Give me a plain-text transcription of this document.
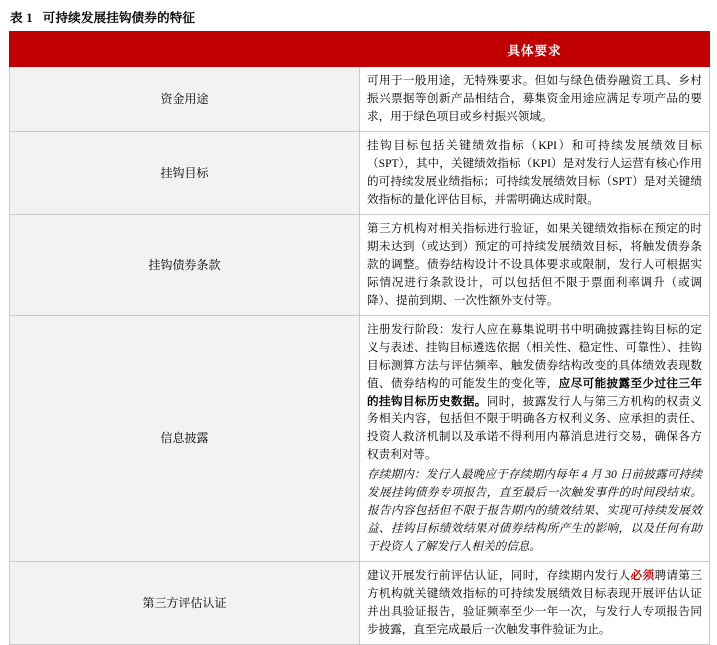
表 1 可持续发展挂钩债券的特征
	具体要求
资金用途	可用于一般用途，无特殊要求。但如与绿色债券融资工具、乡村振兴票据等创新产品相结合，募集资金用途应满足专项产品的要求，用于绿色项目或乡村振兴领域。

挂钩目标	挂钩目标包括关键绩效指标（KPI）和可持续发展绩效目标（SPT），其中，关键绩效指标（KPI）是对发行人运营有核心作用的可持续发展业绩指标；可持续发展绩效目标（SPT）是对关键绩效指标的量化评估目标，并需明确达成时限。

挂钩债券条款	第三方机构对相关指标进行验证，如果关键绩效指标在预定的时期未达到（或达到）预定的可持续发展绩效目标，将触发债券条款的调整。债券结构设计不设具体要求或限制，发行人可根据实际情况进行条款设计，可以包括但不限于票面利率调升（或调降）、提前到期、一次性额外支付等。

信息披露	注册发行阶段：发行人应在募集说明书中明确披露挂钩目标的定义与表述、挂钩目标遴选依据（相关性、稳定性、可靠性）、挂钩目标测算方法与评估频率、触发债券结构改变的具体绩效表现数值、债券结构的可能发生的变化等，应尽可能披露至少过往三年的挂钩目标历史数据。同时，披露发行人与第三方机构的权责义务相关内容，包括但不限于明确各方权利义务、应承担的责任、投资人救济机制以及承诺不得利用内幕消息进行交易，确保各方权责利对等。

存续期内：发行人最晚应于存续期内每年 4 月 30 日前披露可持续发展挂钩债券专项报告，直至最后一次触发事件的时间段结束。报告内容包括但不限于报告期内的绩效结果、实现可持续发展效益、挂钩目标绩效结果对债券结构所产生的影响，以及任何有助于投资人了解发行人相关的信息。

第三方评估认证	建议开展发行前评估认证，同时，存续期内发行人必须聘请第三方机构就关键绩效指标的可持续发展绩效目标表现开展评估认证并出具验证报告，验证频率至少一年一次，与发行人专项报告同步披露，直至完成最后一次触发事件验证为止。
